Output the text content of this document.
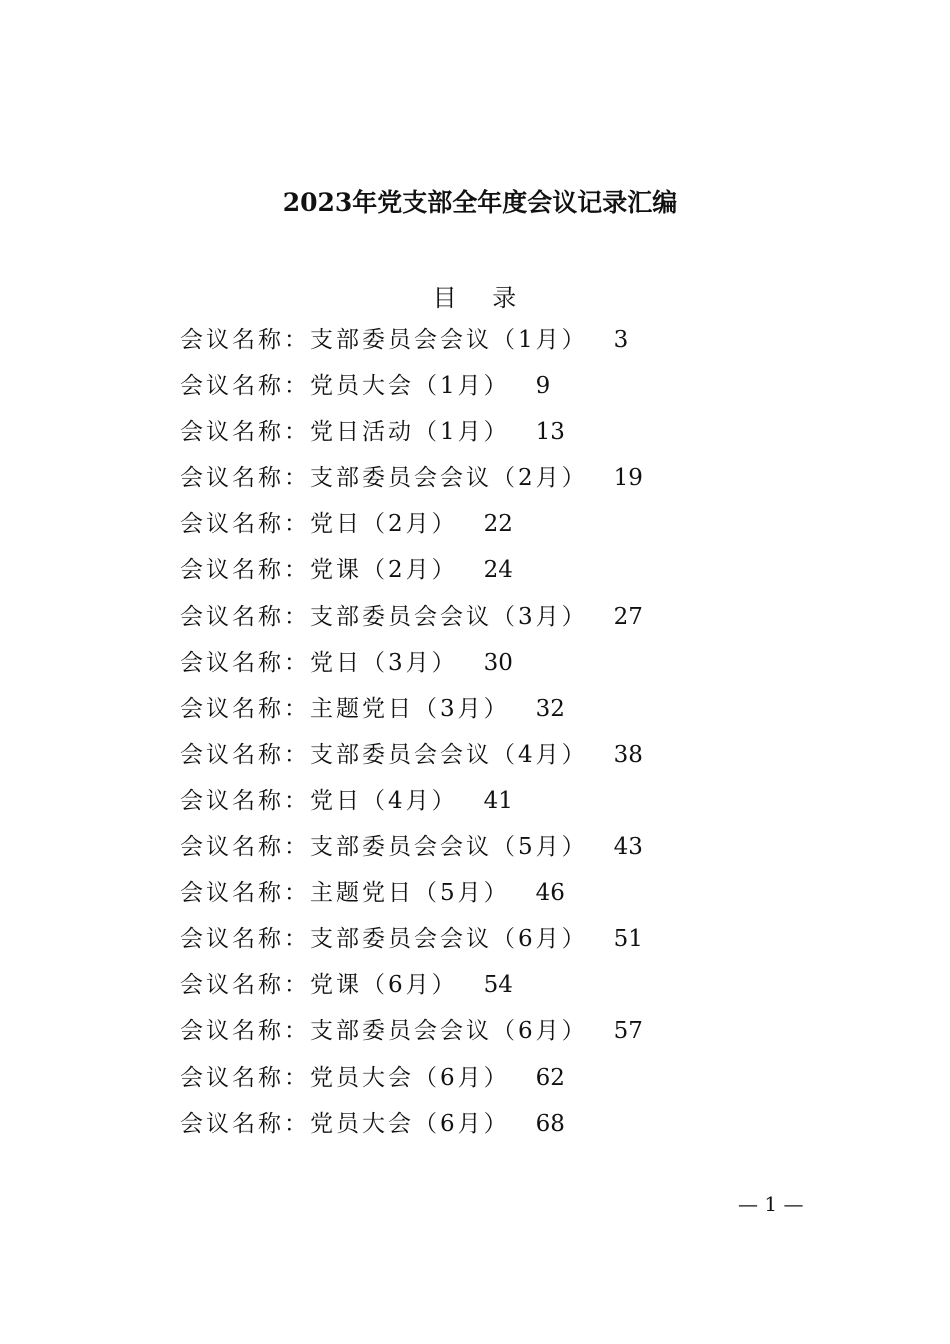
2023年党支部全年度会议记录汇编
目 录
会议名称：支部委员会会议（1月） 3
会议名称：党员大会（1月） 9
会议名称：党日活动（1月） 13
会议名称：支部委员会会议（2月） 19
会议名称：党日（2月） 22
会议名称：党课（2月） 24
会议名称：支部委员会会议（3月） 27
会议名称：党日（3月） 30
会议名称：主题党日（3月） 32
会议名称：支部委员会会议（4月） 38
会议名称：党日（4月） 41
会议名称：支部委员会会议（5月） 43
会议名称：主题党日（5月） 46
会议名称：支部委员会会议（6月） 51
会议名称：党课（6月） 54
会议名称：支部委员会会议（6月） 57
会议名称：党员大会（6月） 62
会议名称：党员大会（6月） 68
— 1 —
